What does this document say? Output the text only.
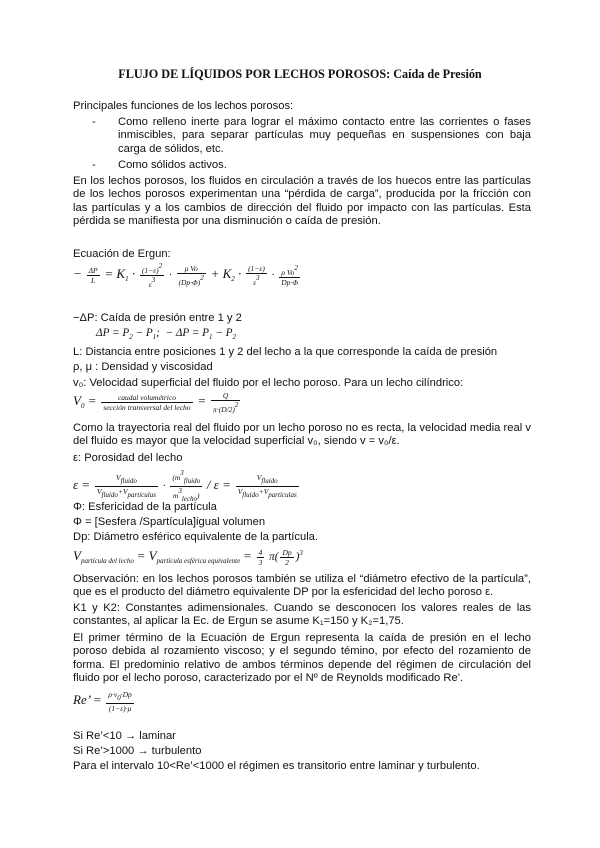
FLUJO DE LÍQUIDOS POR LECHOS POROSOS: Caída de Presión
Principales funciones de los lechos porosos:
- Como relleno inerte para lograr el máximo contacto entre las corrientes o fases inmiscibles, para separar partículas muy pequeñas en suspensiones con baja carga de sólidos, etc.
- Como sólidos activos.
En los lechos porosos, los fluidos en circulación a través de los huecos entre las partículas de los lechos porosos experimentan una “pérdida de carga”, producida por la fricción con las partículas y a los cambios de dirección del fluido por impacto con las partículas. Esta pérdida se manifiesta por una disminución o caída de presión.
Ecuación de Ergun:
− $\frac{\Delta P}{L} = K_1 \cdot \frac{(1-\varepsilon)2}{\varepsilon 3} \cdot \frac{\text{μ Vo}}{(Dp\cdot\Phi)2} + K_2 \cdot \frac{(1-\varepsilon)}{\varepsilon 3} \cdot \frac{\text{ρ Vo2}}{Dp\cdot\Phi}$
−ΔP: Caída de presión entre 1 y 2
$\Delta P = P_2 - P_1$;  − $\Delta P = P_1 - P_2$
L: Distancia entre posiciones 1 y 2 del lecho a la que corresponde la caída de presión
ρ, μ : Densidad y viscosidad
v₀: Velocidad superficial del fluido por el lecho poroso. Para un lecho cilíndrico:
$V_0 = \frac{\text{caudal volumétrico}}{\text{sección transversal del lecho}} = \frac{Q}{\pi\cdot(D/2)2}$
Como la trayectoria real del fluido por un lecho poroso no es recta, la velocidad media real v del fluido es mayor que la velocidad superficial v₀, siendo v = v₀/ε.
ε: Porosidad del lecho
$\varepsilon = \frac{\text{Vfluido}}{\text{Vfluido+Vpartículas}} \cdot \frac{\text{(m3fluido}}{\text{m3lecho)}} / \varepsilon = \frac{\text{Vfluido}}{\text{Vfluido+Vpartículas}}$
Φ: Esfericidad de la partícula
Φ = [Sesfera /Spartícula]igual volumen
Dp: Diámetro esférico equivalente de la partícula.
$V_{partícula del lecho} = V_{partícula esférica equivalente} = \frac{4}{3} \pi( \frac{Dp}{2} )^3$
Observación: en los lechos porosos también se utiliza el “diámetro efectivo de la partícula”, que es el producto del diámetro equivalente DP por la esfericidad del lecho poroso ε.
K1 y K2: Constantes adimensionales. Cuando se desconocen los valores reales de las constantes, al aplicar la Ec. de Ergun se asume K₁=150 y K₂=1,75.
El primer término de la Ecuación de Ergun representa la caída de presión en el lecho poroso debida al rozamiento viscoso; y el segundo témino, por efecto del rozamiento de forma. El predominio relativo de ambos términos depende del régimen de circulación del fluido por el lecho poroso, caracterizado por el Nº de Reynolds modificado Re’.
Re’ = $\frac{\rho\cdot v0\cdot Dp}{(1-\varepsilon)\cdot\mu}$
Si Re’<10 → laminar
Si Re’>1000 → turbulento
Para el intervalo 10<Re’<1000 el régimen es transitorio entre laminar y turbulento.
